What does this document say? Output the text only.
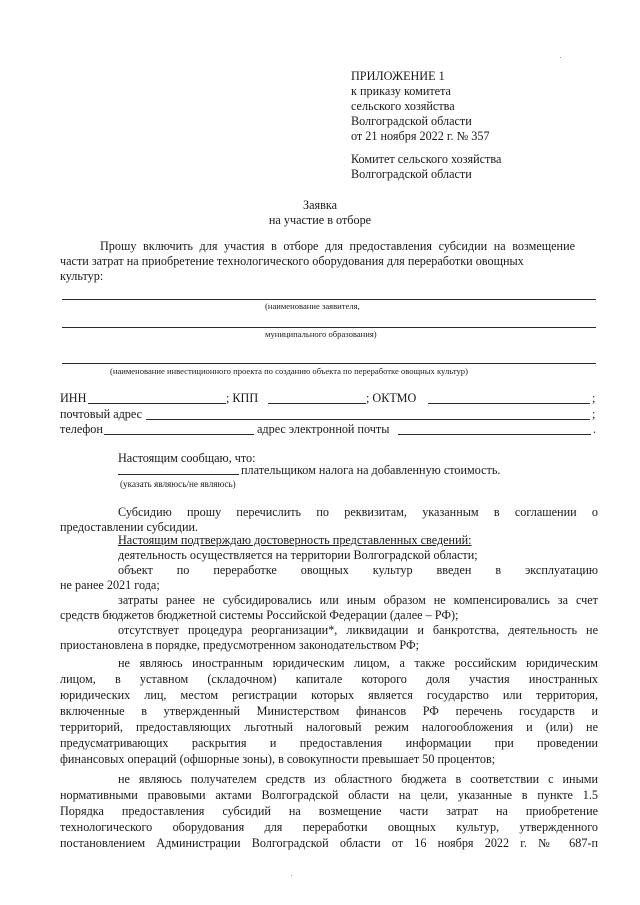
ПРИЛОЖЕНИЕ 1
к приказу комитета
сельского хозяйства
Волгоградской области
от 21 ноября 2022 г. № 357
Комитет сельского хозяйства
Волгоградской области
Заявка
на участие в отборе
Прошу включить для участия в отборе для предоставления субсидии на возмещение
части затрат на приобретение технологического оборудования для переработки овощных
культур:
(наименование заявителя,
муниципального образования)
(наименование инвестиционного проекта по созданию объекта по переработке овощных культур)
ИНН	; КПП	; ОКТМО	;
почтовый адрес	;
телефон	адрес электронной почты	.
Настоящим сообщаю, что:
плательщиком налога на добавленную стоимость.
(указать являюсь/не являюсь)
Субсидию прошу перечислить по реквизитам, указанным в соглашении о
предоставлении субсидии.
Настоящим подтверждаю достоверность представленных сведений:
деятельность осуществляется на территории Волгоградской области;
объект по переработке овощных культур введен в эксплуатацию
не ранее 2021 года;
затраты ранее не субсидировались или иным образом не компенсировались за счет
средств бюджетов бюджетной системы Российской Федерации (далее – РФ);
отсутствует процедура реорганизации*, ликвидации и банкротства, деятельность не
приостановлена в порядке, предусмотренном законодательством РФ;
не являюсь иностранным юридическим лицом, а также российским юридическим
лицом, в уставном (складочном) капитале которого доля участия иностранных
юридических лиц, местом регистрации которых является государство или территория,
включенные в утвержденный Министерством финансов РФ перечень государств и
территорий, предоставляющих льготный налоговый режим налогообложения и (или) не
предусматривающих раскрытия и предоставления информации при проведении
финансовых операций (офшорные зоны), в совокупности превышает 50 процентов;
не являюсь получателем средств из областного бюджета в соответствии с иными
нормативными правовыми актами Волгоградской области на цели, указанные в пункте 1.5
Порядка предоставления субсидий на возмещение части затрат на приобретение
технологического оборудования для переработки овощных культур, утвержденного
постановлением Администрации Волгоградской области от 16 ноября 2022 г. № 687-п
